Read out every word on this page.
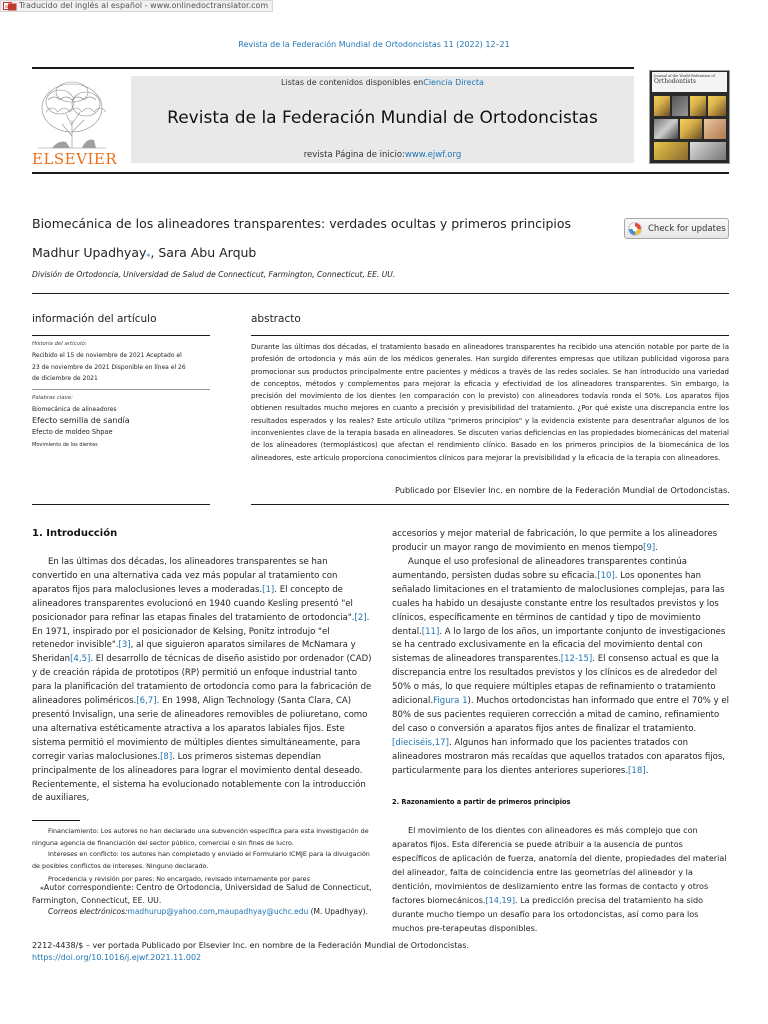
a Traducido del inglés al español - www.onlinedoctranslator.com
Revista de la Federación Mundial de Ortodoncistas 11 (2022) 12–21
ELSEVIER
Listas de contenidos disponibles enCiencia Directa
Revista de la Federación Mundial de Ortodoncistas
revista Página de inicio:www.ejwf.org
Journal of the World Federation of
Orthodontists
Biomecánica de los alineadores transparentes: verdades ocultas y primeros principios
Madhur Upadhyay⁎, Sara Abu Arqub
División de Ortodoncia, Universidad de Salud de Connecticut, Farmington, Connecticut, EE. UU.
Check for updates
información del artículo
Historia del artículo:
Recibido el 15 de noviembre de 2021 Aceptado el
23 de noviembre de 2021 Disponible en línea el 26
de diciembre de 2021
Palabras clave:
Biomecánica de alineadores
Efecto semilla de sandía
Efecto de moldeo Shpae
Movimiento de los dientes
abstracto
Durante las últimas dos décadas, el tratamiento basado en alineadores transparentes ha recibido una atención notable por parte de la profesión de ortodoncia y más aún de los médicos generales. Han surgido diferentes empresas que utilizan publicidad vigorosa para promocionar sus productos principalmente entre pacientes y médicos a través de las redes sociales. Se han introducido una variedad de conceptos, métodos y complementos para mejorar la eficacia y efectividad de los alineadores transparentes. Sin embargo, la precisión del movimiento de los dientes (en comparación con lo previsto) con alineadores todavía ronda el 50%. Los aparatos fijos obtienen resultados mucho mejores en cuanto a precisión y previsibilidad del tratamiento. ¿Por qué existe una discrepancia entre los resultados esperados y los reales? Este artículo utiliza "primeros principios" y la evidencia existente para desentrañar algunos de los inconvenientes clave de la terapia basada en alineadores. Se discuten varias deficiencias en las propiedades biomecánicas del material de los alineadores (termoplásticos) que afectan el rendimiento clínico. Basado en los primeros principios de la biomecánica de los alineadores, este artículo proporciona conocimientos clínicos para mejorar la previsibilidad y la eficacia de la terapia con alineadores.
Publicado por Elsevier Inc. en nombre de la Federación Mundial de Ortodoncistas.
1. Introducción
En las últimas dos décadas, los alineadores transparentes se han convertido en una alternativa cada vez más popular al tratamiento con aparatos fijos para maloclusiones leves a moderadas.[1]. El concepto de alineadores transparentes evolucionó en 1940 cuando Kesling presentó "el posicionador para refinar las etapas finales del tratamiento de ortodoncia".[2]. En 1971, inspirado por el posicionador de Kelsing, Ponitz introdujo "el retenedor invisible".[3], al que siguieron aparatos similares de McNamara y Sheridan[4,5]. El desarrollo de técnicas de diseño asistido por ordenador (CAD) y de creación rápida de prototipos (RP) permitió un enfoque industrial tanto para la planificación del tratamiento de ortodoncia como para la fabricación de alineadores poliméricos.[6,7]. En 1998, Align Technology (Santa Clara, CA) presentó Invisalign, una serie de alineadores removibles de poliuretano, como una alternativa estéticamente atractiva a los aparatos labiales fijos. Este sistema permitió el movimiento de múltiples dientes simultáneamente, para corregir varias maloclusiones.[8]. Los primeros sistemas dependían principalmente de los alineadores para lograr el movimiento dental deseado. Recientemente, el sistema ha evolucionado notablemente con la introducción de auxiliares,
accesorios y mejor material de fabricación, lo que permite a los alineadores producir un mayor rango de movimiento en menos tiempo[9].
Aunque el uso profesional de alineadores transparentes continúa aumentando, persisten dudas sobre su eficacia.[10]. Los oponentes han señalado limitaciones en el tratamiento de maloclusiones complejas, para las cuales ha habido un desajuste constante entre los resultados previstos y los clínicos, específicamente en términos de cantidad y tipo de movimiento dental.[11]. A lo largo de los años, un importante conjunto de investigaciones se ha centrado exclusivamente en la eficacia del movimiento dental con sistemas de alineadores transparentes.[12-15]. El consenso actual es que la discrepancia entre los resultados previstos y los clínicos es de alrededor del 50% o más, lo que requiere múltiples etapas de refinamiento o tratamiento adicional.Figura 1). Muchos ortodoncistas han informado que entre el 70% y el 80% de sus pacientes requieren corrección a mitad de camino, refinamiento del caso o conversión a aparatos fijos antes de finalizar el tratamiento.[dieciséis,17]. Algunos han informado que los pacientes tratados con alineadores mostraron más recaídas que aquellos tratados con aparatos fijos, particularmente para los dientes anteriores superiores.[18].
2. Razonamiento a partir de primeros principios
El movimiento de los dientes con alineadores es más complejo que con aparatos fijos. Esta diferencia se puede atribuir a la ausencia de puntos específicos de aplicación de fuerza, anatomía del diente, propiedades del material del alineador, falta de coincidencia entre las geometrías del alineador y la dentición, movimientos de deslizamiento entre las formas de contacto y otros factores biomecánicos.[14,19]. La predicción precisa del tratamiento ha sido durante mucho tiempo un desafío para los ortodoncistas, así como para los muchos pre-terapeutas disponibles.
Financiamiento: Los autores no han declarado una subvención específica para esta investigación de ninguna agencia de financiación del sector público, comercial o sin fines de lucro.
Intereses en conflicto: los autores han completado y enviado el Formulario ICMJE para la divulgación de posibles conflictos de intereses. Ninguno declarado.
Procedencia y revisión por pares: No encargado, revisado internamente por pares
⁎Autor correspondiente: Centro de Ortodoncia, Universidad de Salud de Connecticut, Farmington, Connecticut, EE. UU.
Correos electrónicos:madhurup@yahoo.com,maupadhyay@uchc.edu (M. Upadhyay).
2212-4438/$ – ver portada Publicado por Elsevier Inc. en nombre de la Federación Mundial de Ortodoncistas.
https://doi.org/10.1016/j.ejwf.2021.11.002
